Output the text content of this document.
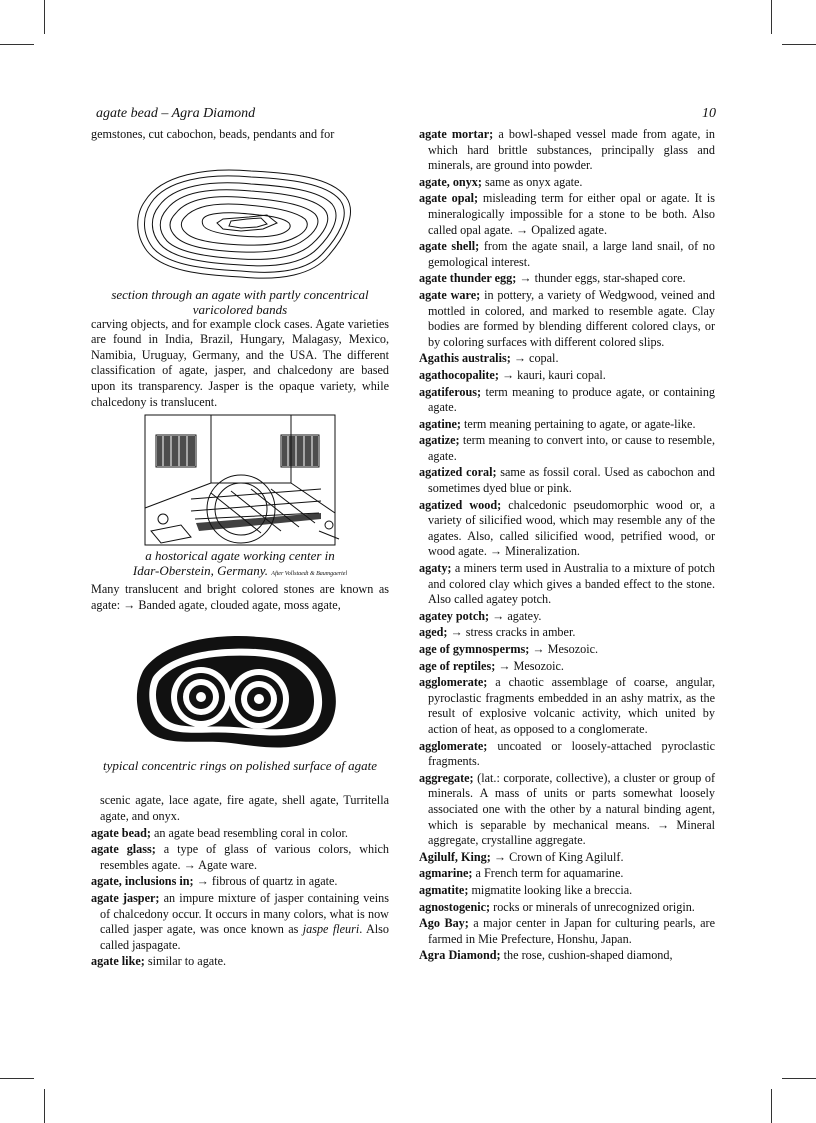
agate bead – Agra Diamond	10

gemstones, cut cabochon, beads, pendants and for

section through an agate with partly concentrical varicolored bands

carving objects, and for example clock cases. Agate varieties are found in India, Brazil, Hungary, Malagasy, Mexico, Namibia, Uruguay, Germany, and the USA. The different classification of agate, jasper, and chalcedony are based upon its transparency. Jasper is the opaque variety, while chalcedony is translucent.

a hostorical agate working center in
Idar-Oberstein, Germany. After Vollstaedt & Baumgaertel

Many translucent and bright colored stones are known as agate: → Banded agate, clouded agate, moss agate,

typical concentric rings on polished surface of agate

scenic agate, lace agate, fire agate, shell agate, Turritella agate, and onyx.

agate bead; an agate bead resembling coral in color.

agate glass; a type of glass of various colors, which resembles agate. → Agate ware.

agate, inclusions in; → fibrous of quartz in agate.

agate jasper; an impure mixture of jasper containing veins of chalcedony occur. It occurs in many colors, what is now called jasper agate, was once known as jaspe fleuri. Also called jaspagate.

agate like; similar to agate.

agate mortar; a bowl-shaped vessel made from agate, in which hard brittle substances, principally glass and minerals, are ground into powder.

agate, onyx; same as onyx agate.

agate opal; misleading term for either opal or agate. It is mineralogically impossible for a stone to be both. Also called opal agate. → Opalized agate.

agate shell; from the agate snail, a large land snail, of no gemological interest.

agate thunder egg; → thunder eggs, star-shaped core.

agate ware; in pottery, a variety of Wedgwood, veined and mottled in colored, and marked to resemble agate. Clay bodies are formed by blending different colored clays, or by coloring surfaces with different colored slips.

Agathis australis; → copal.

agathocopalite; → kauri, kauri copal.

agatiferous; term meaning to produce agate, or containing agate.

agatine; term meaning pertaining to agate, or agate-like.

agatize; term meaning to convert into, or cause to resemble, agate.

agatized coral; same as fossil coral. Used as cabochon and sometimes dyed blue or pink.

agatized wood; chalcedonic pseudomorphic wood or, a variety of silicified wood, which may resemble any of the agates. Also, called silicified wood, petrified wood, or wood agate. → Mineralization.

agaty; a miners term used in Australia to a mixture of potch and colored clay which gives a banded effect to the stone. Also called agatey potch.

agatey potch; → agatey.

aged; → stress cracks in amber.

age of gymnosperms; → Mesozoic.

age of reptiles; → Mesozoic.

agglomerate; a chaotic assemblage of coarse, angular, pyroclastic fragments embedded in an ashy matrix, as the result of explosive volcanic activity, which united by action of heat, as opposed to a conglomerate.

agglomerate; uncoated or loosely-attached pyroclastic fragments.

aggregate; (lat.: corporate, collective), a cluster or group of minerals. A mass of units or parts somewhat loosely associated one with the other by a natural binding agent, which is separable by mechanical means. → Mineral aggregate, crystalline aggregate.

Agilulf, King; → Crown of King Agilulf.

agmarine; a French term for aquamarine.

agmatite; migmatite looking like a breccia.

agnostogenic; rocks or minerals of unrecognized origin.

Ago Bay; a major center in Japan for culturing pearls, are farmed in Mie Prefecture, Honshu, Japan.

Agra Diamond; the rose, cushion-shaped diamond,
